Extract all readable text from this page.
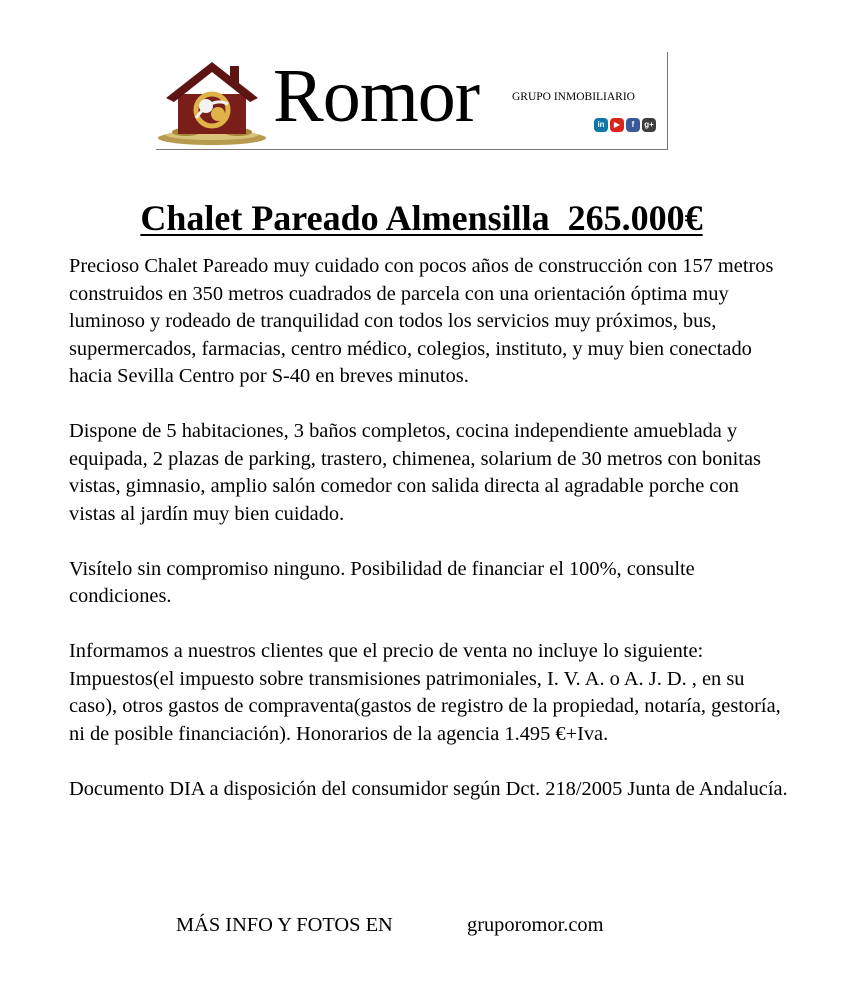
Romor	GRUPO INMOBILIARIO
in	▶	f	g+
Chalet Pareado Almensilla  265.000€

Precioso Chalet Pareado muy cuidado con pocos años de construcción con 157 metros construidos en 350 metros cuadrados de parcela con una orientación óptima muy luminoso y rodeado de tranquilidad con todos los servicios muy próximos, bus, supermercados, farmacias, centro médico, colegios, instituto, y muy bien conectado hacia Sevilla Centro por S-40 en breves minutos.

Dispone de 5 habitaciones, 3 baños completos, cocina independiente amueblada y equipada, 2 plazas de parking, trastero, chimenea, solarium de 30 metros con bonitas vistas, gimnasio, amplio salón comedor con salida directa al agradable porche con vistas al jardín muy bien cuidado.

Visítelo sin compromiso ninguno. Posibilidad de financiar el 100%, consulte condiciones.

Informamos a nuestros clientes que el precio de venta no incluye lo siguiente: Impuestos(el impuesto sobre transmisiones patrimoniales, I. V. A. o A. J. D. , en su caso), otros gastos de compraventa(gastos de registro de la propiedad, notaría, gestoría, ni de posible financiación). Honorarios de la agencia 1.495 €+Iva.

Documento DIA a disposición del consumidor según Dct. 218/2005 Junta de Andalucía.

MÁS INFO Y FOTOS EN	gruporomor.com
